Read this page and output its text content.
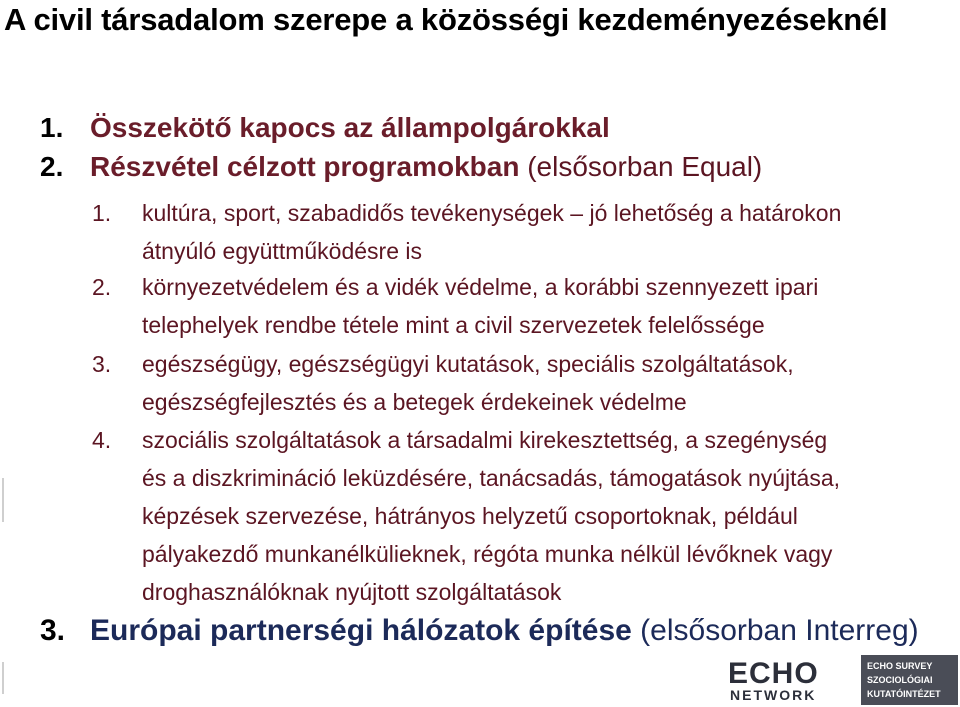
A civil társadalom szerepe a közösségi kezdeményezéseknél
1. Összekötő kapocs az állampolgárokkal
2. Részvétel célzott programokban (elsősorban Equal)
1. kultúra, sport, szabadidős tevékenységek – jó lehetőség a határokon
átnyúló együttműködésre is
2. környezetvédelem és a vidék védelme, a korábbi szennyezett ipari
telephelyek rendbe tétele mint a civil szervezetek felelőssége
3. egészségügy, egészségügyi kutatások, speciális szolgáltatások,
egészségfejlesztés és a betegek érdekeinek védelme
4. szociális szolgáltatások a társadalmi kirekesztettség, a szegénység
és a diszkrimináció leküzdésére, tanácsadás, támogatások nyújtása,
képzések szervezése, hátrányos helyzetű csoportoknak, például
pályakezdő munkanélkülieknek, régóta munka nélkül lévőknek vagy
droghasználóknak nyújtott szolgáltatások
3. Európai partnerségi hálózatok építése (elsősorban Interreg)
ECHO
NETWORK
ECHO SURVEY
SZOCIOLÓGIAI
KUTATÓINTÉZET
